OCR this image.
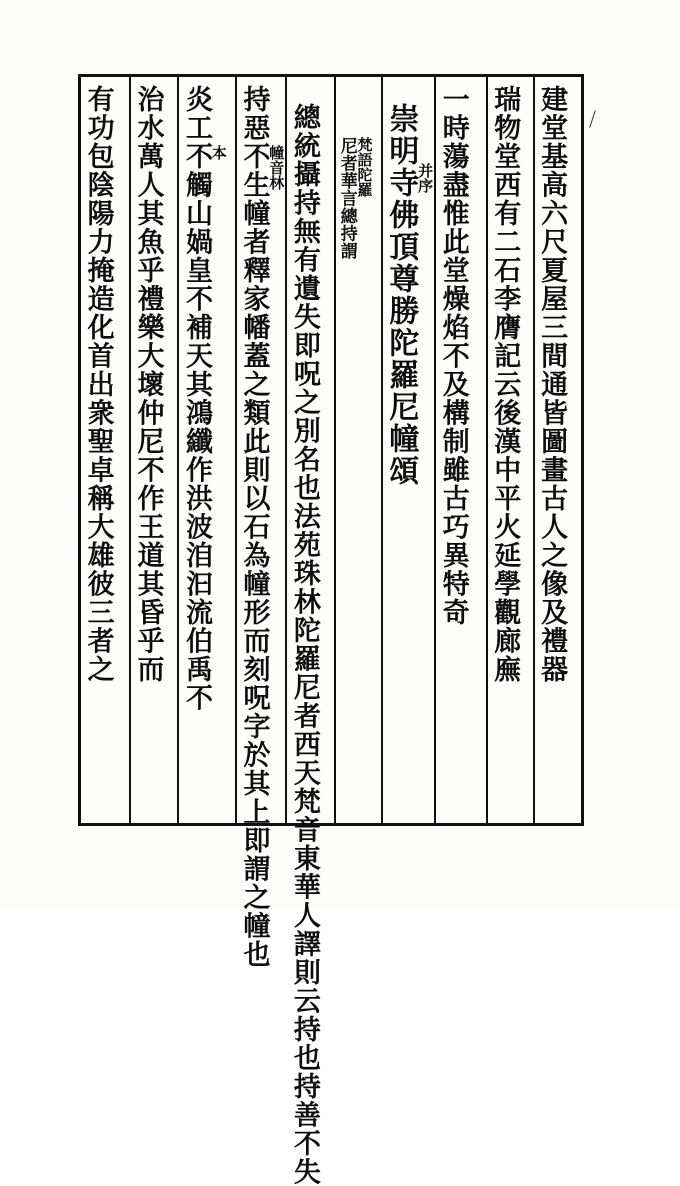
建堂基高六尺夏屋三間通皆圖畫古人之像及禮器
瑞物堂西有二石李膺記云後漢中平火延學觀廊廡
一時蕩盡惟此堂燥焰不及構制雖古巧異特奇
崇明寺佛頂尊勝陀羅尼幢頌
并序
尼者華言總持謂
梵語陀羅
總統攝持無有遺失即呪之別名也法苑珠林陀羅尼者西天梵音東華人譯則云持也持善不失
持惡不生幢者釋家幡蓋之類此則以石為幢形而刻呪字於其上即謂之幢也
幢音林
炎工不觸山媧皇不補天其鴻纖作洪波洎汩流伯禹不
本
治水萬人其魚乎禮樂大壞仲尼不作王道其昏乎而
有功包陰陽力掩造化首出衆聖卓稱大雄彼三者之
